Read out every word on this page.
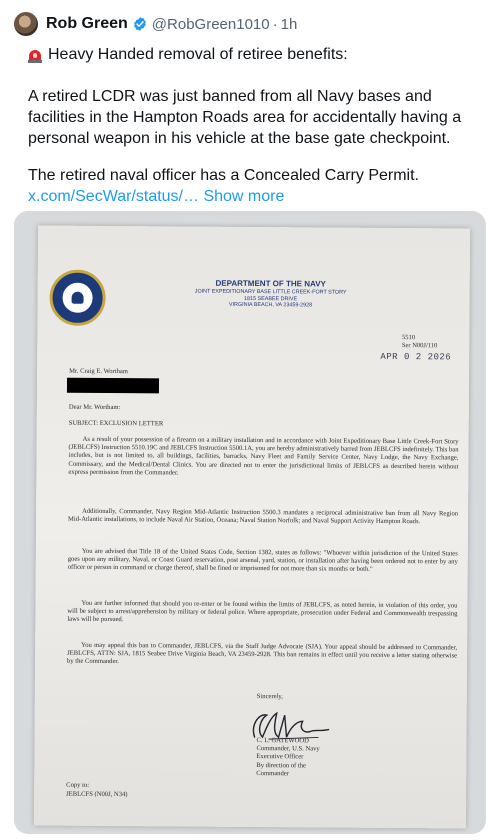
Rob Green @RobGreen1010 · 1h
Heavy Handed removal of retiree benefits:
A retired LCDR was just banned from all Navy bases and facilities in the Hampton Roads area for accidentally having a personal weapon in his vehicle at the base gate checkpoint.
The retired naval officer has a Concealed Carry Permit. x.com/SecWar/status/… Show more
DEPARTMENT OF THE NAVY
JOINT EXPEDITIONARY BASE LITTLE CREEK-FORT STORY
1815 SEABEE DRIVE
VIRGINIA BEACH, VA 23459-2928
5510
Ser N00J/110
APR 0 2 2026
Mr. Craig E. Wortham
Dear Mr. Wortham:
SUBJECT: EXCLUSION LETTER
As a result of your possession of a firearm on a military installation and in accordance with Joint Expeditionary Base Little Creek-Fort Story (JEBLCFS) Instruction 5510.19C and JEBLCFS Instruction 5500.1A, you are hereby administratively barred from JEBLCFS indefinitely. This ban includes, but is not limited to, all buildings, facilities, barracks, Navy Fleet and Family Service Center, Navy Lodge, the Navy Exchange, Commissary, and the Medical/Dental Clinics. You are directed not to enter the jurisdictional limits of JEBLCFS as described herein without express permission from the Commander.
Additionally, Commander, Navy Region Mid-Atlantic Instruction 5500.3 mandates a reciprocal administrative ban from all Navy Region Mid-Atlantic installations, to include Naval Air Station, Oceana; Naval Station Norfolk; and Naval Support Activity Hampton Roads.
You are advised that Title 18 of the United States Code, Section 1382, states as follows: "Whoever within jurisdiction of the United States goes upon any military, Naval, or Coast Guard reservation, post arsenal, yard, station, or installation after having been ordered not to enter by any officer or person in command or charge thereof, shall be fined or imprisoned for not more than six months or both."
You are further informed that should you re-enter or be found within the limits of JEBLCFS, as noted herein, in violation of this order, you will be subject to arrest/apprehension by military or federal police. Where appropriate, prosecution under Federal and Commonwealth trespassing laws will be pursued.
You may appeal this ban to Commander, JEBLCFS, via the Staff Judge Advocate (SJA). Your appeal should be addressed to Commander, JEBLCFS, ATTN: SJA, 1815 Seabee Drive Virginia Beach, VA 23459-2928. This ban remains in effect until you receive a letter stating otherwise by the Commander.
Sincerely,
C. L. GATEWOOD
Commander, U.S. Navy
Executive Officer
By direction of the
Commander
Copy to:
JEBLCFS (N00J, N34)
